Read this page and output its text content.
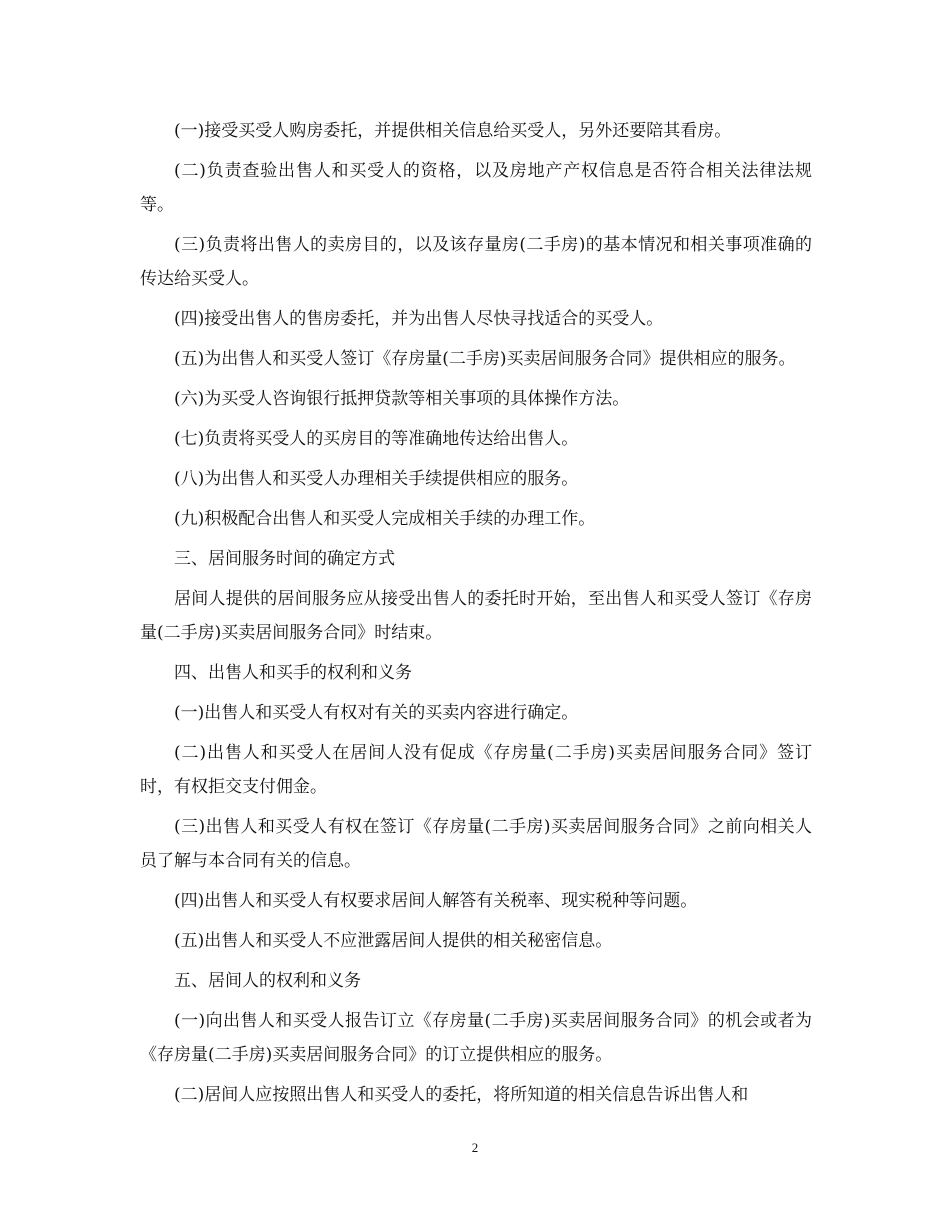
(一)接受买受人购房委托，并提供相关信息给买受人，另外还要陪其看房。

(二)负责查验出售人和买受人的资格，以及房地产产权信息是否符合相关法律法规等。

(三)负责将出售人的卖房目的，以及该存量房(二手房)的基本情况和相关事项准确的传达给买受人。

(四)接受出售人的售房委托，并为出售人尽快寻找适合的买受人。

(五)为出售人和买受人签订《存房量(二手房)买卖居间服务合同》提供相应的服务。

(六)为买受人咨询银行抵押贷款等相关事项的具体操作方法。

(七)负责将买受人的买房目的等准确地传达给出售人。

(八)为出售人和买受人办理相关手续提供相应的服务。

(九)积极配合出售人和买受人完成相关手续的办理工作。

三、居间服务时间的确定方式

居间人提供的居间服务应从接受出售人的委托时开始，至出售人和买受人签订《存房量(二手房)买卖居间服务合同》时结束。

四、出售人和买手的权利和义务

(一)出售人和买受人有权对有关的买卖内容进行确定。

(二)出售人和买受人在居间人没有促成《存房量(二手房)买卖居间服务合同》签订时，有权拒交支付佣金。

(三)出售人和买受人有权在签订《存房量(二手房)买卖居间服务合同》之前向相关人员了解与本合同有关的信息。

(四)出售人和买受人有权要求居间人解答有关税率、现实税种等问题。

(五)出售人和买受人不应泄露居间人提供的相关秘密信息。

五、居间人的权利和义务

(一)向出售人和买受人报告订立《存房量(二手房)买卖居间服务合同》的机会或者为《存房量(二手房)买卖居间服务合同》的订立提供相应的服务。

(二)居间人应按照出售人和买受人的委托，将所知道的相关信息告诉出售人和

2
